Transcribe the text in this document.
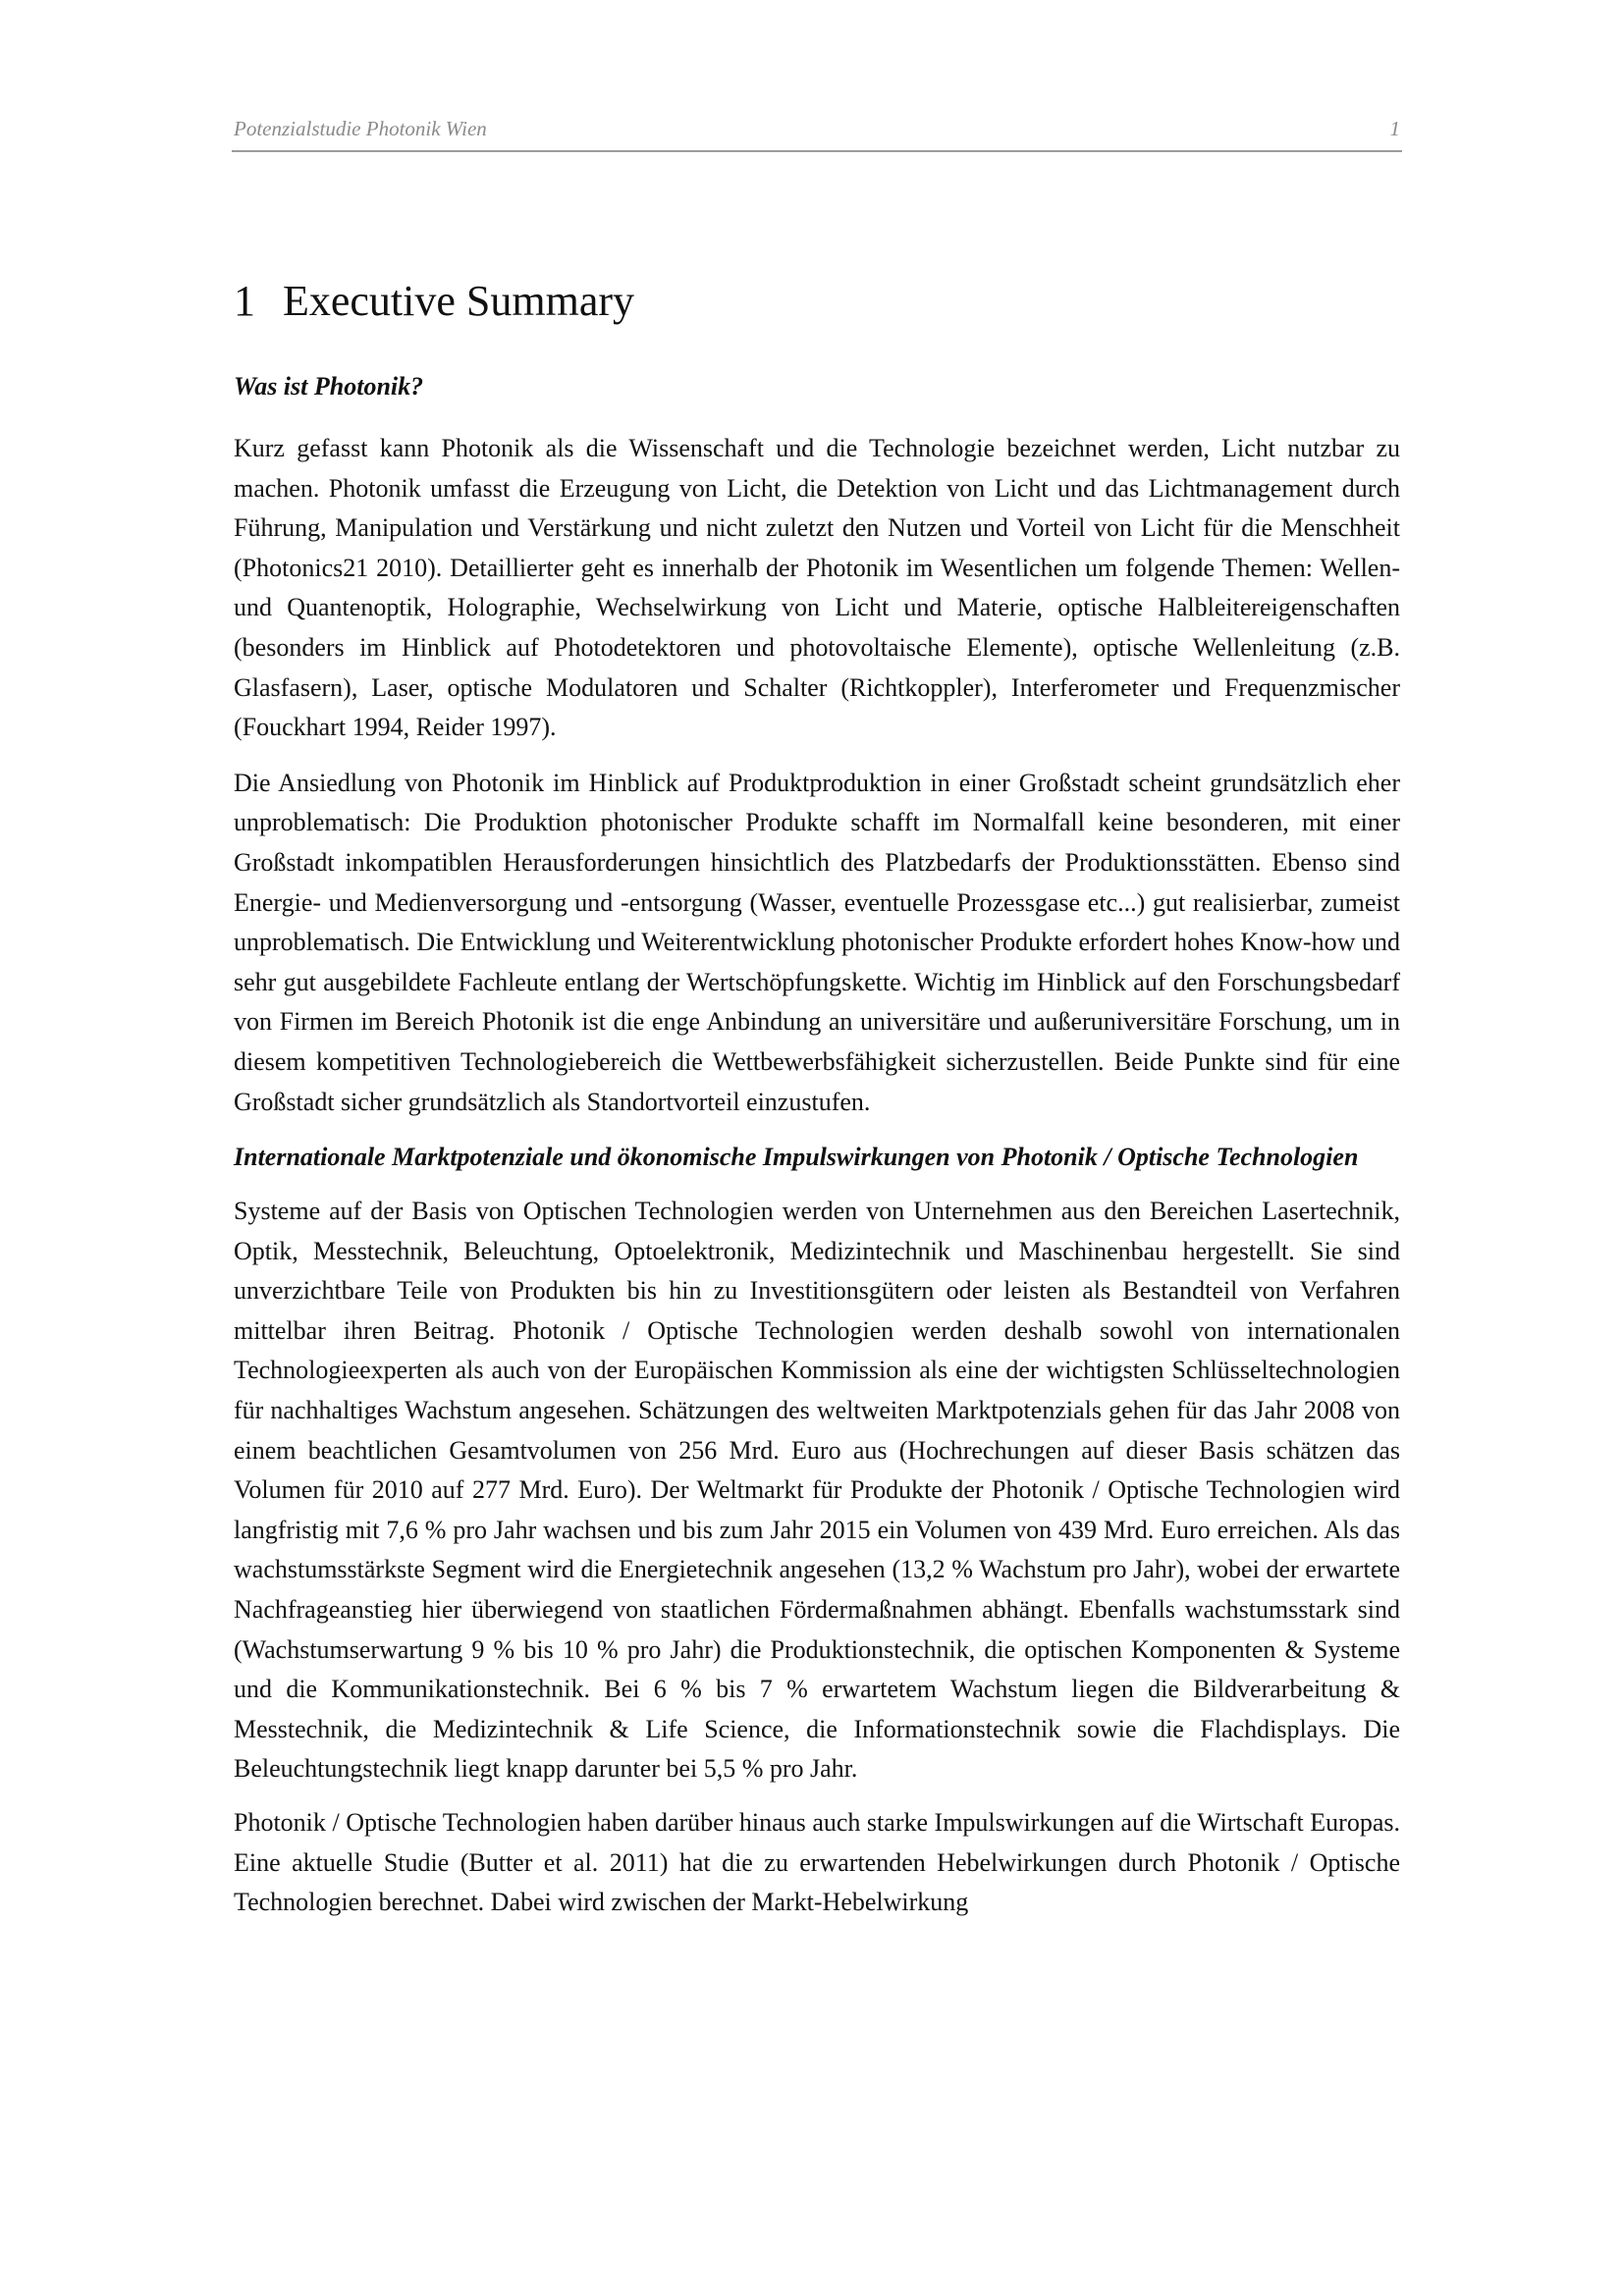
Potenzialstudie Photonik Wien	1
1 Executive Summary
Was ist Photonik?

Kurz gefasst kann Photonik als die Wissenschaft und die Technologie bezeichnet werden, Licht nutzbar zu machen. Photonik umfasst die Erzeugung von Licht, die Detektion von Licht und das Lichtmanagement durch Führung, Manipulation und Verstärkung und nicht zuletzt den Nutzen und Vorteil von Licht für die Menschheit (Photonics21 2010). Detaillierter geht es innerhalb der Photonik im Wesentlichen um folgende Themen: Wellen- und Quantenoptik, Holographie, Wechselwirkung von Licht und Materie, optische Halbleitereigenschaften (besonders im Hinblick auf Photodetektoren und photovoltaische Elemente), optische Wellenleitung (z.B. Glasfasern), Laser, optische Modulatoren und Schalter (Richtkoppler), Interferometer und Frequenzmischer (Fouckhart 1994, Reider 1997).

Die Ansiedlung von Photonik im Hinblick auf Produktproduktion in einer Großstadt scheint grundsätzlich eher unproblematisch: Die Produktion photonischer Produkte schafft im Normalfall keine besonderen, mit einer Großstadt inkompatiblen Herausforderungen hinsichtlich des Platzbedarfs der Produktionsstätten. Ebenso sind Energie- und Medienversorgung und -entsorgung (Wasser, eventuelle Prozessgase etc...) gut realisierbar, zumeist unproblematisch. Die Entwicklung und Weiterentwicklung photonischer Produkte erfordert hohes Know-how und sehr gut ausgebildete Fachleute entlang der Wertschöpfungskette. Wichtig im Hinblick auf den Forschungsbedarf von Firmen im Bereich Photonik ist die enge Anbindung an universitäre und außeruniversitäre Forschung, um in diesem kompetitiven Technologiebereich die Wettbewerbsfähigkeit sicherzustellen. Beide Punkte sind für eine Großstadt sicher grundsätzlich als Standortvorteil einzustufen.

Internationale Marktpotenziale und ökonomische Impulswirkungen von Photonik / Optische Technologien

Systeme auf der Basis von Optischen Technologien werden von Unternehmen aus den Bereichen Lasertechnik, Optik, Messtechnik, Beleuchtung, Optoelektronik, Medizintechnik und Maschinenbau hergestellt. Sie sind unverzichtbare Teile von Produkten bis hin zu Investitionsgütern oder leisten als Bestandteil von Verfahren mittelbar ihren Beitrag. Photonik / Optische Technologien werden deshalb sowohl von internationalen Technologieexperten als auch von der Europäischen Kommission als eine der wichtigsten Schlüsseltechnologien für nachhaltiges Wachstum angesehen. Schätzungen des weltweiten Marktpotenzials gehen für das Jahr 2008 von einem beachtlichen Gesamtvolumen von 256 Mrd. Euro aus (Hochrechungen auf dieser Basis schätzen das Volumen für 2010 auf 277 Mrd. Euro). Der Weltmarkt für Produkte der Photonik / Optische Technologien wird langfristig mit 7,6 % pro Jahr wachsen und bis zum Jahr 2015 ein Volumen von 439 Mrd. Euro erreichen. Als das wachstumsstärkste Segment wird die Energietechnik angesehen (13,2 % Wachstum pro Jahr), wobei der erwartete Nachfrageanstieg hier überwiegend von staatlichen Fördermaßnahmen abhängt. Ebenfalls wachstumsstark sind (Wachstumserwartung 9 % bis 10 % pro Jahr) die Produktionstechnik, die optischen Komponenten & Systeme und die Kommunikationstechnik. Bei 6 % bis 7 % erwartetem Wachstum liegen die Bildverarbeitung & Messtechnik, die Medizintechnik & Life Science, die Informationstechnik sowie die Flachdisplays. Die Beleuchtungstechnik liegt knapp darunter bei 5,5 % pro Jahr.

Photonik / Optische Technologien haben darüber hinaus auch starke Impulswirkungen auf die Wirtschaft Europas. Eine aktuelle Studie (Butter et al. 2011) hat die zu erwartenden Hebelwirkungen durch Photonik / Optische Technologien berechnet. Dabei wird zwischen der Markt-Hebelwirkung
